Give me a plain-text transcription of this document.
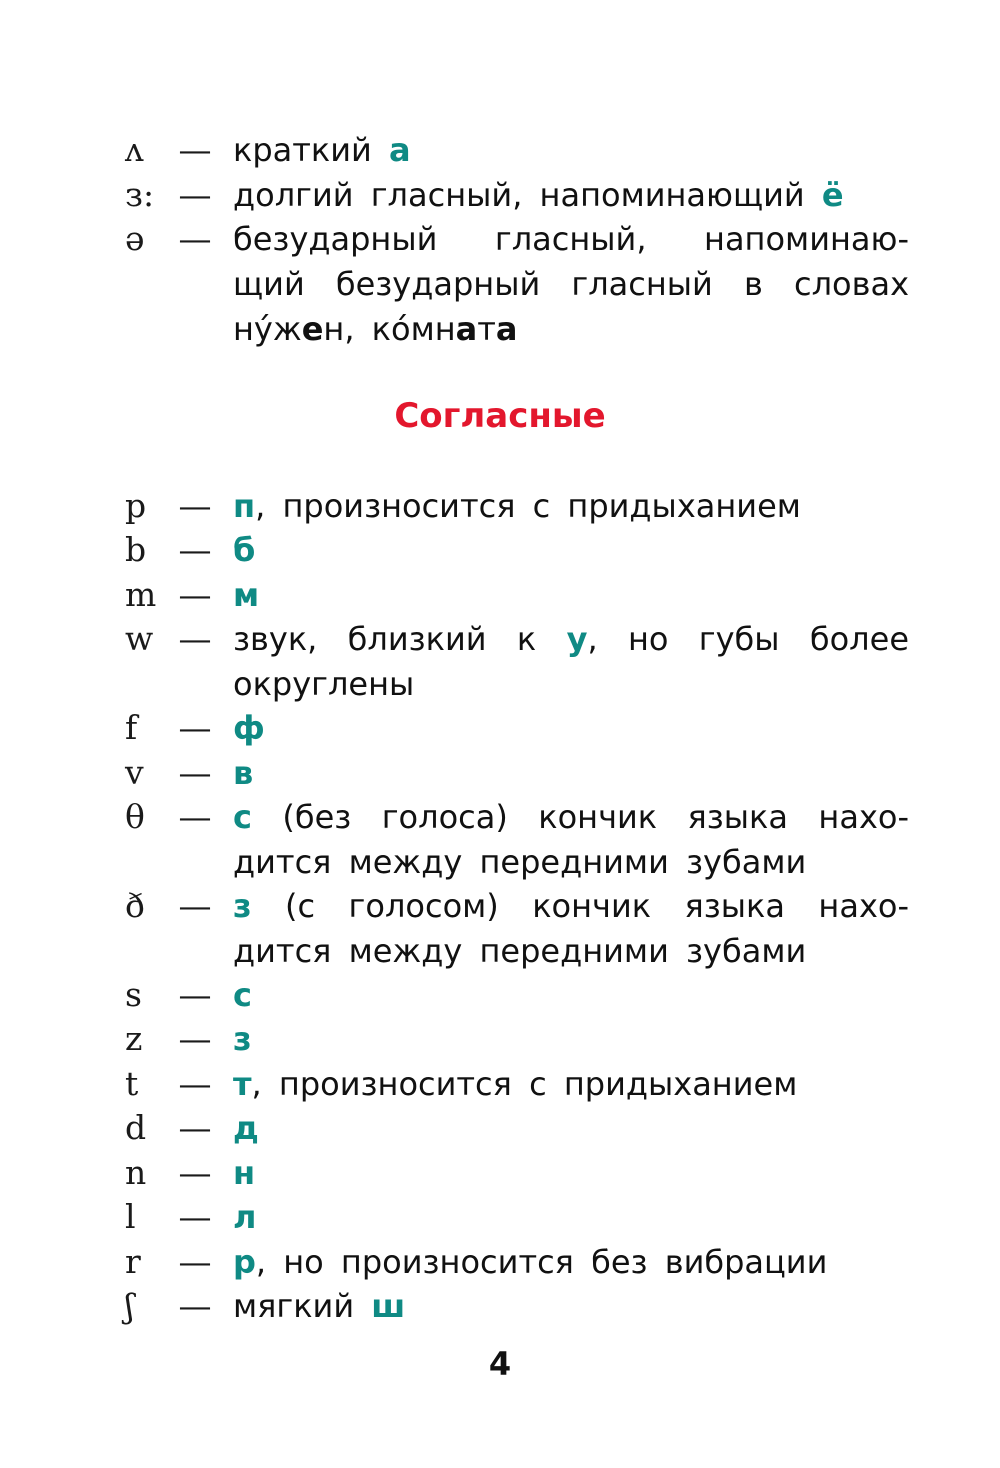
ʌ	— краткий а
з: — долгий гласный, напоминающий ё
ə	— безударный гласный, напоминаю-
щий безударный гласный в словах
ну́жен, ко́мната
Согласные
p — п, произносится с придыханием
b — б
m — м
w — звук, близкий к у, но губы более
округлены
f	— ф
v	— в
θ	— с (без голоса) кончик языка нахо-
дится между передними зубами
ð	— з (с голосом) кончик языка нахо-
дится между передними зубами
s	— с
z	— з
t	— т, произносится с придыханием
d — д
n — н
l	— л
r	— р, но произносится без вибрации
ʃ	— мягкий ш
4
